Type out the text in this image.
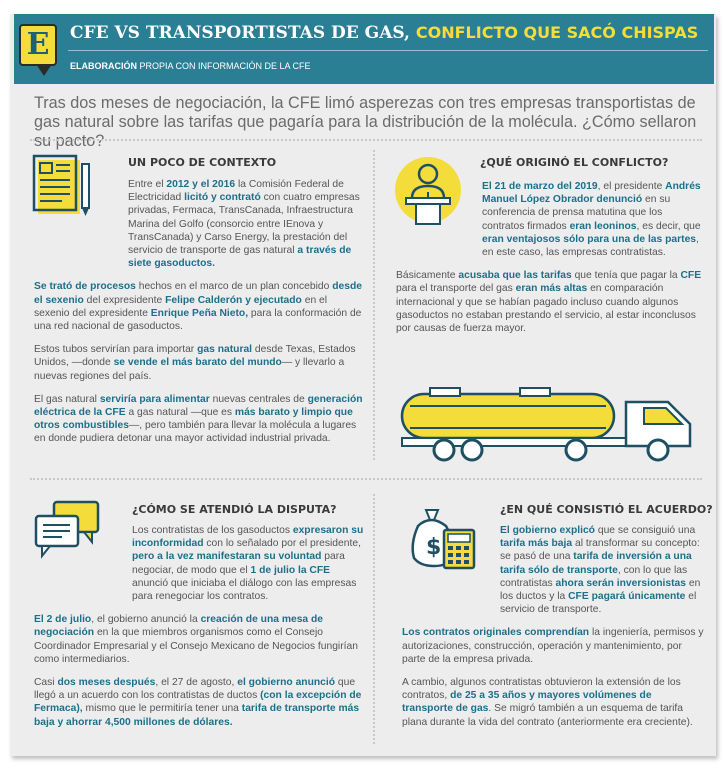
E	CFE VS TRANSPORTISTAS DE GAS, CONFLICTO QUE SACÓ CHISPAS
ELABORACIÓN PROPIA CON INFORMACIÓN DE LA CFE
Tras dos meses de negociación, la CFE limó asperezas con tres empresas transportistas de gas natural sobre las tarifas que pagaría para la distribución de la molécula. ¿Cómo sellaron su pacto?
UN POCO DE CONTEXTO

Entre el 2012 y el 2016 la Comisión Federal de Electricidad licitó y contrató con cuatro empresas privadas, Fermaca, TransCanada, Infraestructura Marina del Golfo (consorcio entre IEnova y TransCanada) y Carso Energy, la prestación del servicio de transporte de gas natural a través de siete gasoductos.

Se trató de procesos hechos en el marco de un plan concebido desde el sexenio del expresidente Felipe Calderón y ejecutado en el sexenio del expresidente Enrique Peña Nieto, para la conformación de una red nacional de gasoductos.

Estos tubos servirían para importar gas natural desde Texas, Estados Unidos, —donde se vende el más barato del mundo— y llevarlo a nuevas regiones del país.

El gas natural serviría para alimentar nuevas centrales de generación eléctrica de la CFE a gas natural —que es más barato y limpio que otros combustibles—, pero también para llevar la molécula a lugares en donde pudiera detonar una mayor actividad industrial privada.

¿QUÉ ORIGINÓ EL CONFLICTO?

El 21 de marzo del 2019, el presidente Andrés Manuel López Obrador denunció en su conferencia de prensa matutina que los contratos firmados eran leoninos, es decir, que eran ventajosos sólo para una de las partes, en este caso, las empresas contratistas.

Básicamente acusaba que las tarifas que tenía que pagar la CFE para el transporte del gas eran más altas en comparación internacional y que se habían pagado incluso cuando algunos gasoductos no estaban prestando el servicio, al estar inconclusos por causas de fuerza mayor.

¿CÓMO SE ATENDIÓ LA DISPUTA?

Los contratistas de los gasoductos expresaron su inconformidad con lo señalado por el presidente, pero a la vez manifestaran su voluntad para negociar, de modo que el 1 de julio la CFE anunció que iniciaba el diálogo con las empresas para renegociar los contratos.

El 2 de julio, el gobierno anunció la creación de una mesa de negociación en la que miembros organismos como el Consejo Coordinador Empresarial y el Consejo Mexicano de Negocios fungirían como intermediarios.

Casi dos meses después, el 27 de agosto, el gobierno anunció que llegó a un acuerdo con los contratistas de ductos (con la excepción de Fermaca), mismo que le permitiría tener una tarifa de transporte más baja y ahorrar 4,500 millones de dólares.

$
¿EN QUÉ CONSISTIÓ EL ACUERDO?

El gobierno explicó que se consiguió una tarifa más baja al transformar su concepto: se pasó de una tarifa de inversión a una tarifa sólo de transporte, con lo que las contratistas ahora serán inversionistas en los ductos y la CFE pagará únicamente el servicio de transporte.

Los contratos originales comprendían la ingeniería, permisos y autorizaciones, construcción, operación y mantenimiento, por parte de la empresa privada.

A cambio, algunos contratistas obtuvieron la extensión de los contratos, de 25 a 35 años y mayores volúmenes de transporte de gas. Se migró también a un esquema de tarifa plana durante la vida del contrato (anteriormente era creciente).
